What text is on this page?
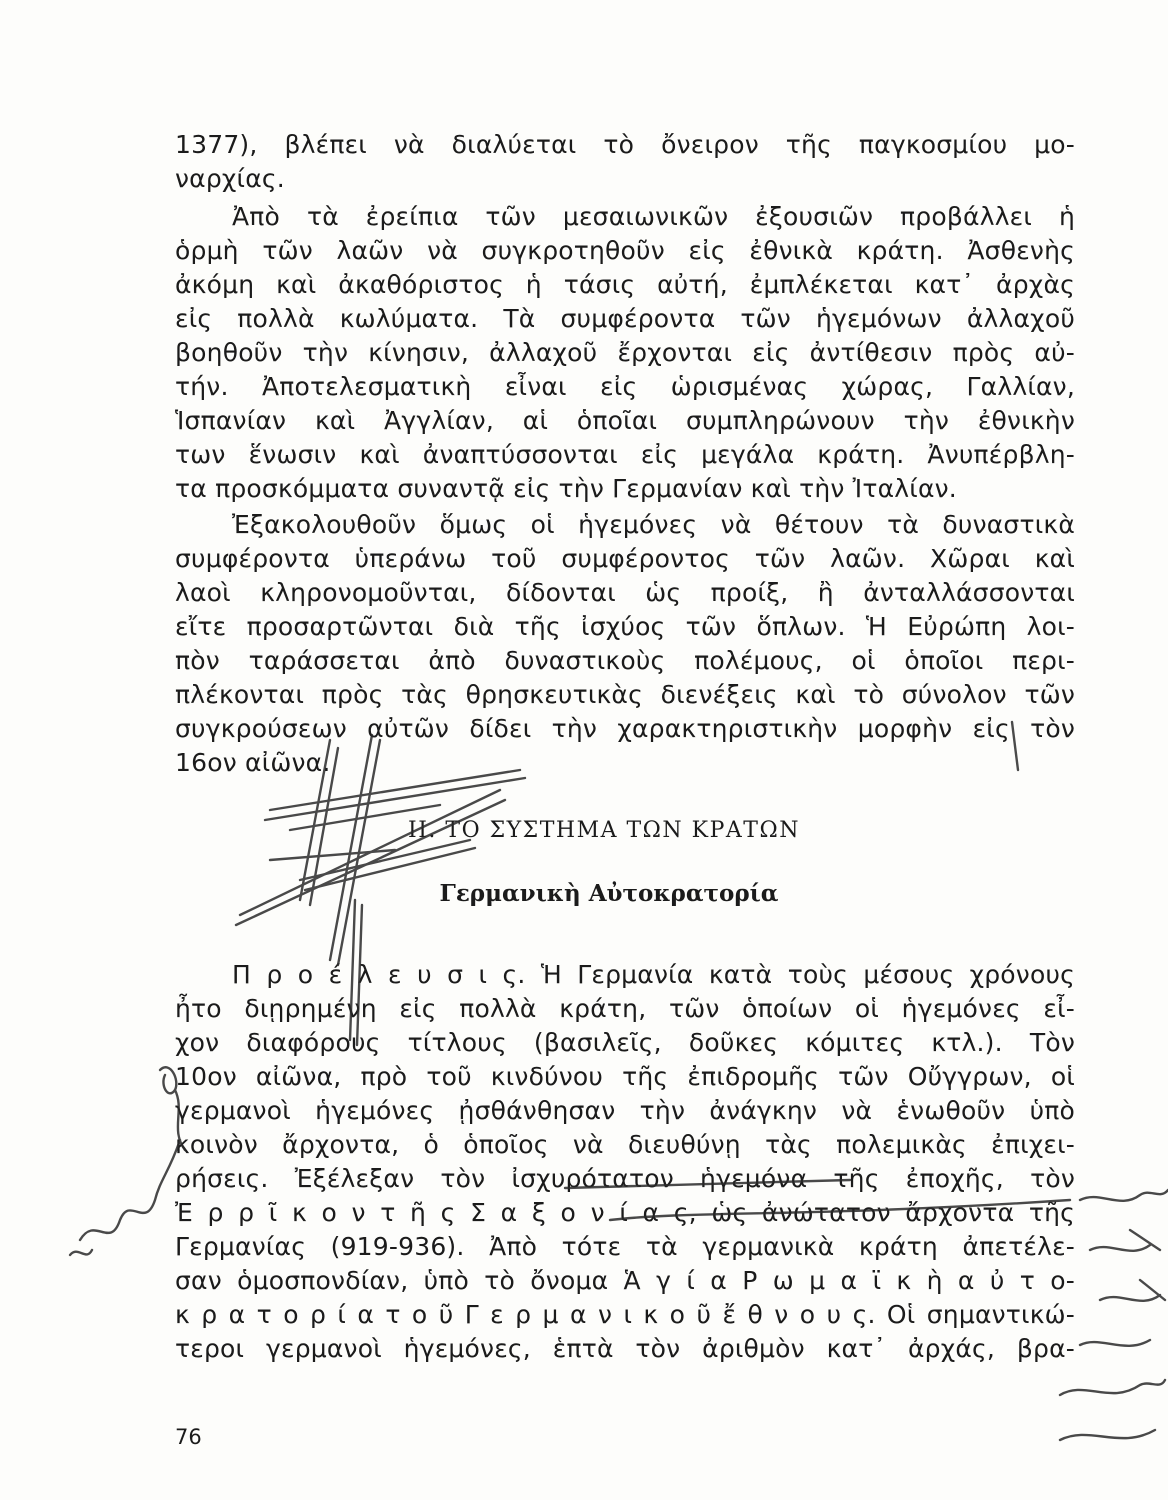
1377), βλέπει νὰ διαλύεται τὸ ὄνειρον τῆς παγκοσμίου μο-
ναρχίας.
Ἀπὸ τὰ ἐρείπια τῶν μεσαιωνικῶν ἐξουσιῶν προβάλλει ἡ
ὁρμὴ τῶν λαῶν νὰ συγκροτηθοῦν εἰς ἐθνικὰ κράτη. Ἀσθενὴς
ἀκόμη καὶ ἀκαθόριστος ἡ τάσις αὐτή, ἐμπλέκεται κατ᾽ ἀρχὰς
εἰς πολλὰ κωλύματα. Τὰ συμφέροντα τῶν ἡγεμόνων ἀλλαχοῦ
βοηθοῦν τὴν κίνησιν, ἀλλαχοῦ ἔρχονται εἰς ἀντίθεσιν πρὸς αὐ-
τήν. Ἀποτελεσματικὴ εἶναι εἰς ὡρισμένας χώρας, Γαλλίαν,
Ἱσπανίαν καὶ Ἀγγλίαν, αἱ ὁποῖαι συμπληρώνουν τὴν ἐθνικὴν
των ἕνωσιν καὶ ἀναπτύσσονται εἰς μεγάλα κράτη. Ἀνυπέρβλη-
τα προσκόμματα συναντᾷ εἰς τὴν Γερμανίαν καὶ τὴν Ἰταλίαν.
Ἐξακολουθοῦν ὅμως οἱ ἡγεμόνες νὰ θέτουν τὰ δυναστικὰ
συμφέροντα ὑπεράνω τοῦ συμφέροντος τῶν λαῶν. Χῶραι καὶ
λαοὶ κληρονομοῦνται, δίδονται ὡς προίξ, ἢ ἀνταλλάσσονται
εἴτε προσαρτῶνται διὰ τῆς ἰσχύος τῶν ὅπλων. Ἡ Εὐρώπη λοι-
πὸν ταράσσεται ἀπὸ δυναστικοὺς πολέμους, οἱ ὁποῖοι περι-
πλέκονται πρὸς τὰς θρησκευτικὰς διενέξεις καὶ τὸ σύνολον τῶν
συγκρούσεων αὐτῶν δίδει τὴν χαρακτηριστικὴν μορφὴν εἰς τὸν
16ον αἰῶνα.
II. ΤΟ ΣΥΣΤΗΜΑ ΤΩΝ ΚΡΑΤΩΝ
Γερμανικὴ Αὐτοκρατορία
Π ρ ο έ λ ε υ σ ι ς. Ἡ Γερμανία κατὰ τοὺς μέσους χρόνους
ἦτο διῃρημένη εἰς πολλὰ κράτη, τῶν ὁποίων οἱ ἡγεμόνες εἶ-
χον διαφόρους τίτλους (βασιλεῖς, δοῦκες κόμιτες κτλ.). Τὸν
10ον αἰῶνα, πρὸ τοῦ κινδύνου τῆς ἐπιδρομῆς τῶν Οὔγγρων, οἱ
γερμανοὶ ἡγεμόνες ᾐσθάνθησαν τὴν ἀνάγκην νὰ ἑνωθοῦν ὑπὸ
κοινὸν ἄρχοντα, ὁ ὁποῖος νὰ διευθύνῃ τὰς πολεμικὰς ἐπιχει-
ρήσεις. Ἐξέλεξαν τὸν ἰσχυρότατον ἡγεμόνα τῆς ἐποχῆς, τὸν
Ἐ ρ ρ ῖ κ ο ν τ ῆ ς Σ α ξ ο ν ί α ς, ὡς ἀνώτατον ἄρχοντα τῆς
Γερμανίας (919-936). Ἀπὸ τότε τὰ γερμανικὰ κράτη ἀπετέλε-
σαν ὁμοσπονδίαν, ὑπὸ τὸ ὄνομα Ἁ γ ί α Ρ ω μ α ϊ κ ὴ α ὐ τ ο-
κ ρ α τ ο ρ ί α τ ο ῦ Γ ε ρ μ α ν ι κ ο ῦ ἔ θ ν ο υ ς. Οἱ σημαντικώ-
τεροι γερμανοὶ ἡγεμόνες, ἑπτὰ τὸν ἀριθμὸν κατ᾽ ἀρχάς, βρα-
76
